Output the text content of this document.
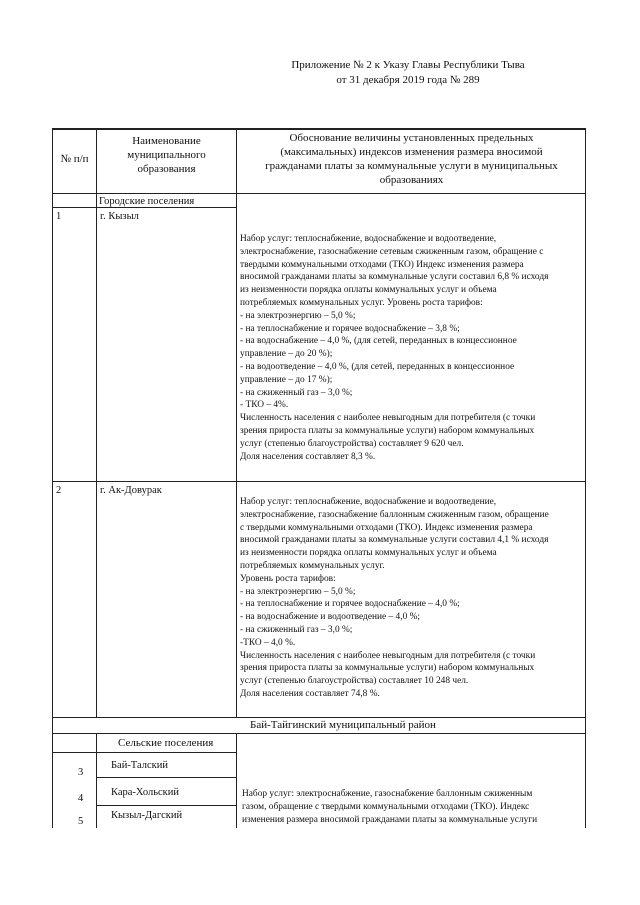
Приложение № 2 к Указу Главы Республики Тыва
от 31 декабря 2019 года № 289
№ п/п
Наименование
муниципального
образования
Обоснование величины установленных предельных
(максимальных) индексов изменения размера вносимой
гражданами платы за коммунальные услуги в муниципальных
образованиях
Городские поселения
1	г. Кызыл
Набор услуг: теплоснабжение, водоснабжение и водоотведение,
электроснабжение, газоснабжение сетевым сжиженным газом, обращение с
твердыми коммунальными отходами (ТКО) Индекс изменения размера
вносимой гражданами платы за коммунальные услуги составил 6,8 % исходя
из неизменности порядка оплаты коммунальных услуг и объема
потребляемых коммунальных услуг. Уровень роста тарифов:
- на электроэнергию – 5,0 %;
- на теплоснабжение и горячее водоснабжение – 3,8 %;
- на водоснабжение – 4,0 %, (для сетей, переданных в концессионное
управление – до 20 %);
- на водоотведение – 4,0 %, (для сетей, переданных в концессионное
управление – до 17 %);
- на сжиженный газ – 3,0 %;
- ТКО – 4%.
Численность населения с наиболее невыгодным для потребителя (с точки
зрения прироста платы за коммунальные услуги) набором коммунальных
услуг (степенью благоустройства) составляет 9 620 чел.
Доля населения составляет 8,3 %.
2	г. Ак-Довурак
Набор услуг: теплоснабжение, водоснабжение и водоотведение,
электроснабжение, газоснабжение баллонным сжиженным газом, обращение
с твердыми коммунальными отходами (ТКО). Индекс изменения размера
вносимой гражданами платы за коммунальные услуги составил 4,1 % исходя
из неизменности порядка оплаты коммунальных услуг и объема
потребляемых коммунальных услуг.
Уровень роста тарифов:
- на электроэнергию – 5,0 %;
- на теплоснабжение и горячее водоснабжение – 4,0 %;
- на водоснабжение и водоотведение – 4,0 %;
- на сжиженный газ – 3,0 %;
-ТКО – 4,0 %.
Численность населения с наиболее невыгодным для потребителя (с точки
зрения прироста платы за коммунальные услуги) набором коммунальных
услуг (степенью благоустройства) составляет 10 248 чел.
Доля населения составляет 74,8 %.
Бай-Тайгинский муниципальный район
Сельские поселения
3
Бай-Талский
4
Кара-Хольский
5
Кызыл-Дагский
Набор услуг: электроснабжение, газоснабжение баллонным сжиженным
газом, обращение с твердыми коммунальными отходами (ТКО). Индекс
изменения размера вносимой гражданами платы за коммунальные услуги
